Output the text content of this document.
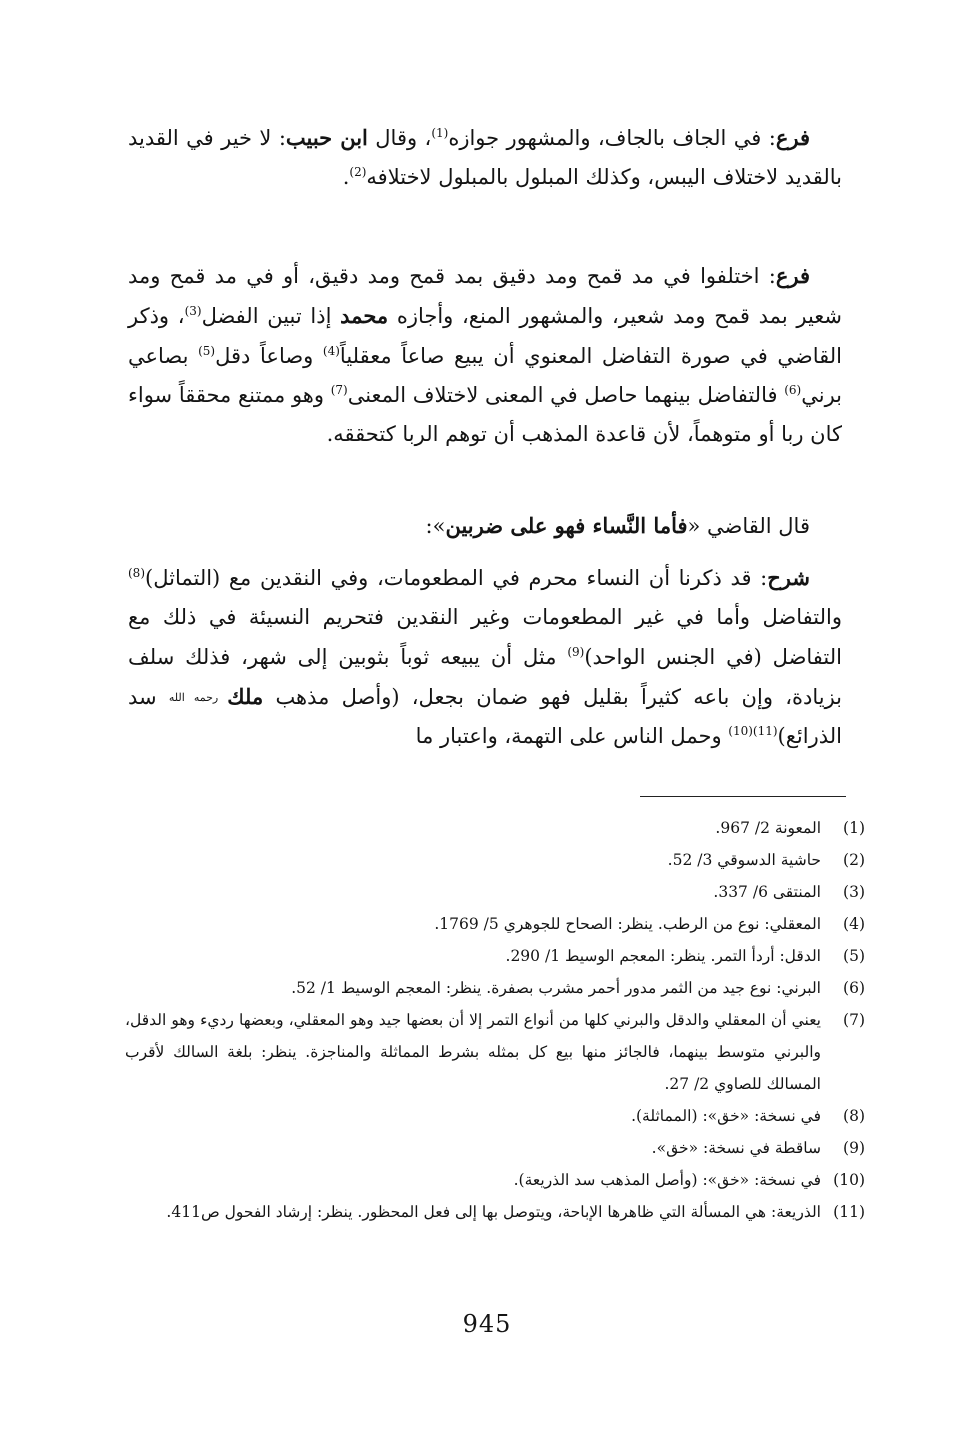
فرع: في الجاف بالجاف، والمشهور جوازه$^{(1)}$، وقال ابن حبيب: لا خير في القديد بالقديد لاختلاف اليبس، وكذلك المبلول بالمبلول لاختلافه$^{(2)}$.

فرع: اختلفوا في مد قمح ومد دقيق بمد قمح ومد دقيق، أو في مد قمح ومد شعير بمد قمح ومد شعير، والمشهور المنع، وأجازه محمد إذا تبين الفضل$^{(3)}$، وذكر القاضي في صورة التفاضل المعنوي أن يبيع صاعاً معقلياً$^{(4)}$ وصاعاً دقل$^{(5)}$ بصاعي برني$^{(6)}$ فالتفاضل بينهما حاصل في المعنى لاختلاف المعنى$^{(7)}$ وهو ممتنع محققاً سواء كان ربا أو متوهماً، لأن قاعدة المذهب أن توهم الربا كتحققه.

قال القاضي «فأما النَّساء فهو على ضربين»:

شرح: قد ذكرنا أن النساء محرم في المطعومات، وفي النقدين مع (التماثل)$^{(8)}$ والتفاضل وأما في غير المطعومات وغير النقدين فتحريم النسيئة في ذلك مع التفاضل (في الجنس الواحد)$^{(9)}$ مثل أن يبيعه ثوباً بثوبين إلى شهر، فذلك سلف بزيادة، وإن باعه كثيراً بقليل فهو ضمان بجعل، (وأصل مذهب ملك رحمه الله سد الذرائع)$^{(10)(11)}$ وحمل الناس على التهمة، واعتبار ما

(1)
المعونة 2/ 967.

(2)
حاشية الدسوقي 3/ 52.

(3)
المنتقى 6/ 337.

(4)
المعقلي: نوع من الرطب. ينظر: الصحاح للجوهري 5/ 1769.

(5)
الدقل: أردأ التمر. ينظر: المعجم الوسيط 1/ 290.

(6)
البرني: نوع جيد من الثمر مدور أحمر مشرب بصفرة. ينظر: المعجم الوسيط 1/ 52.

(7)
يعني أن المعقلي والدقل والبرني كلها من أنواع التمر إلا أن بعضها جيد وهو المعقلي، وبعضها رديء وهو الدقل، والبرني متوسط بينهما، فالجائز منها بيع كل بمثله بشرط المماثلة والمناجزة. ينظر: بلغة السالك لأقرب المسالك للصاوي 2/ 27.

(8)
في نسخة: «خق»: (المماثلة).

(9)
ساقطة في نسخة: «خق».

(10)
في نسخة: «خق»: (وأصل المذهب سد الذريعة).

(11)
الذريعة: هي المسألة التي ظاهرها الإباحة، ويتوصل بها إلى فعل المحظور. ينظر: إرشاد الفحول ص411.

945
